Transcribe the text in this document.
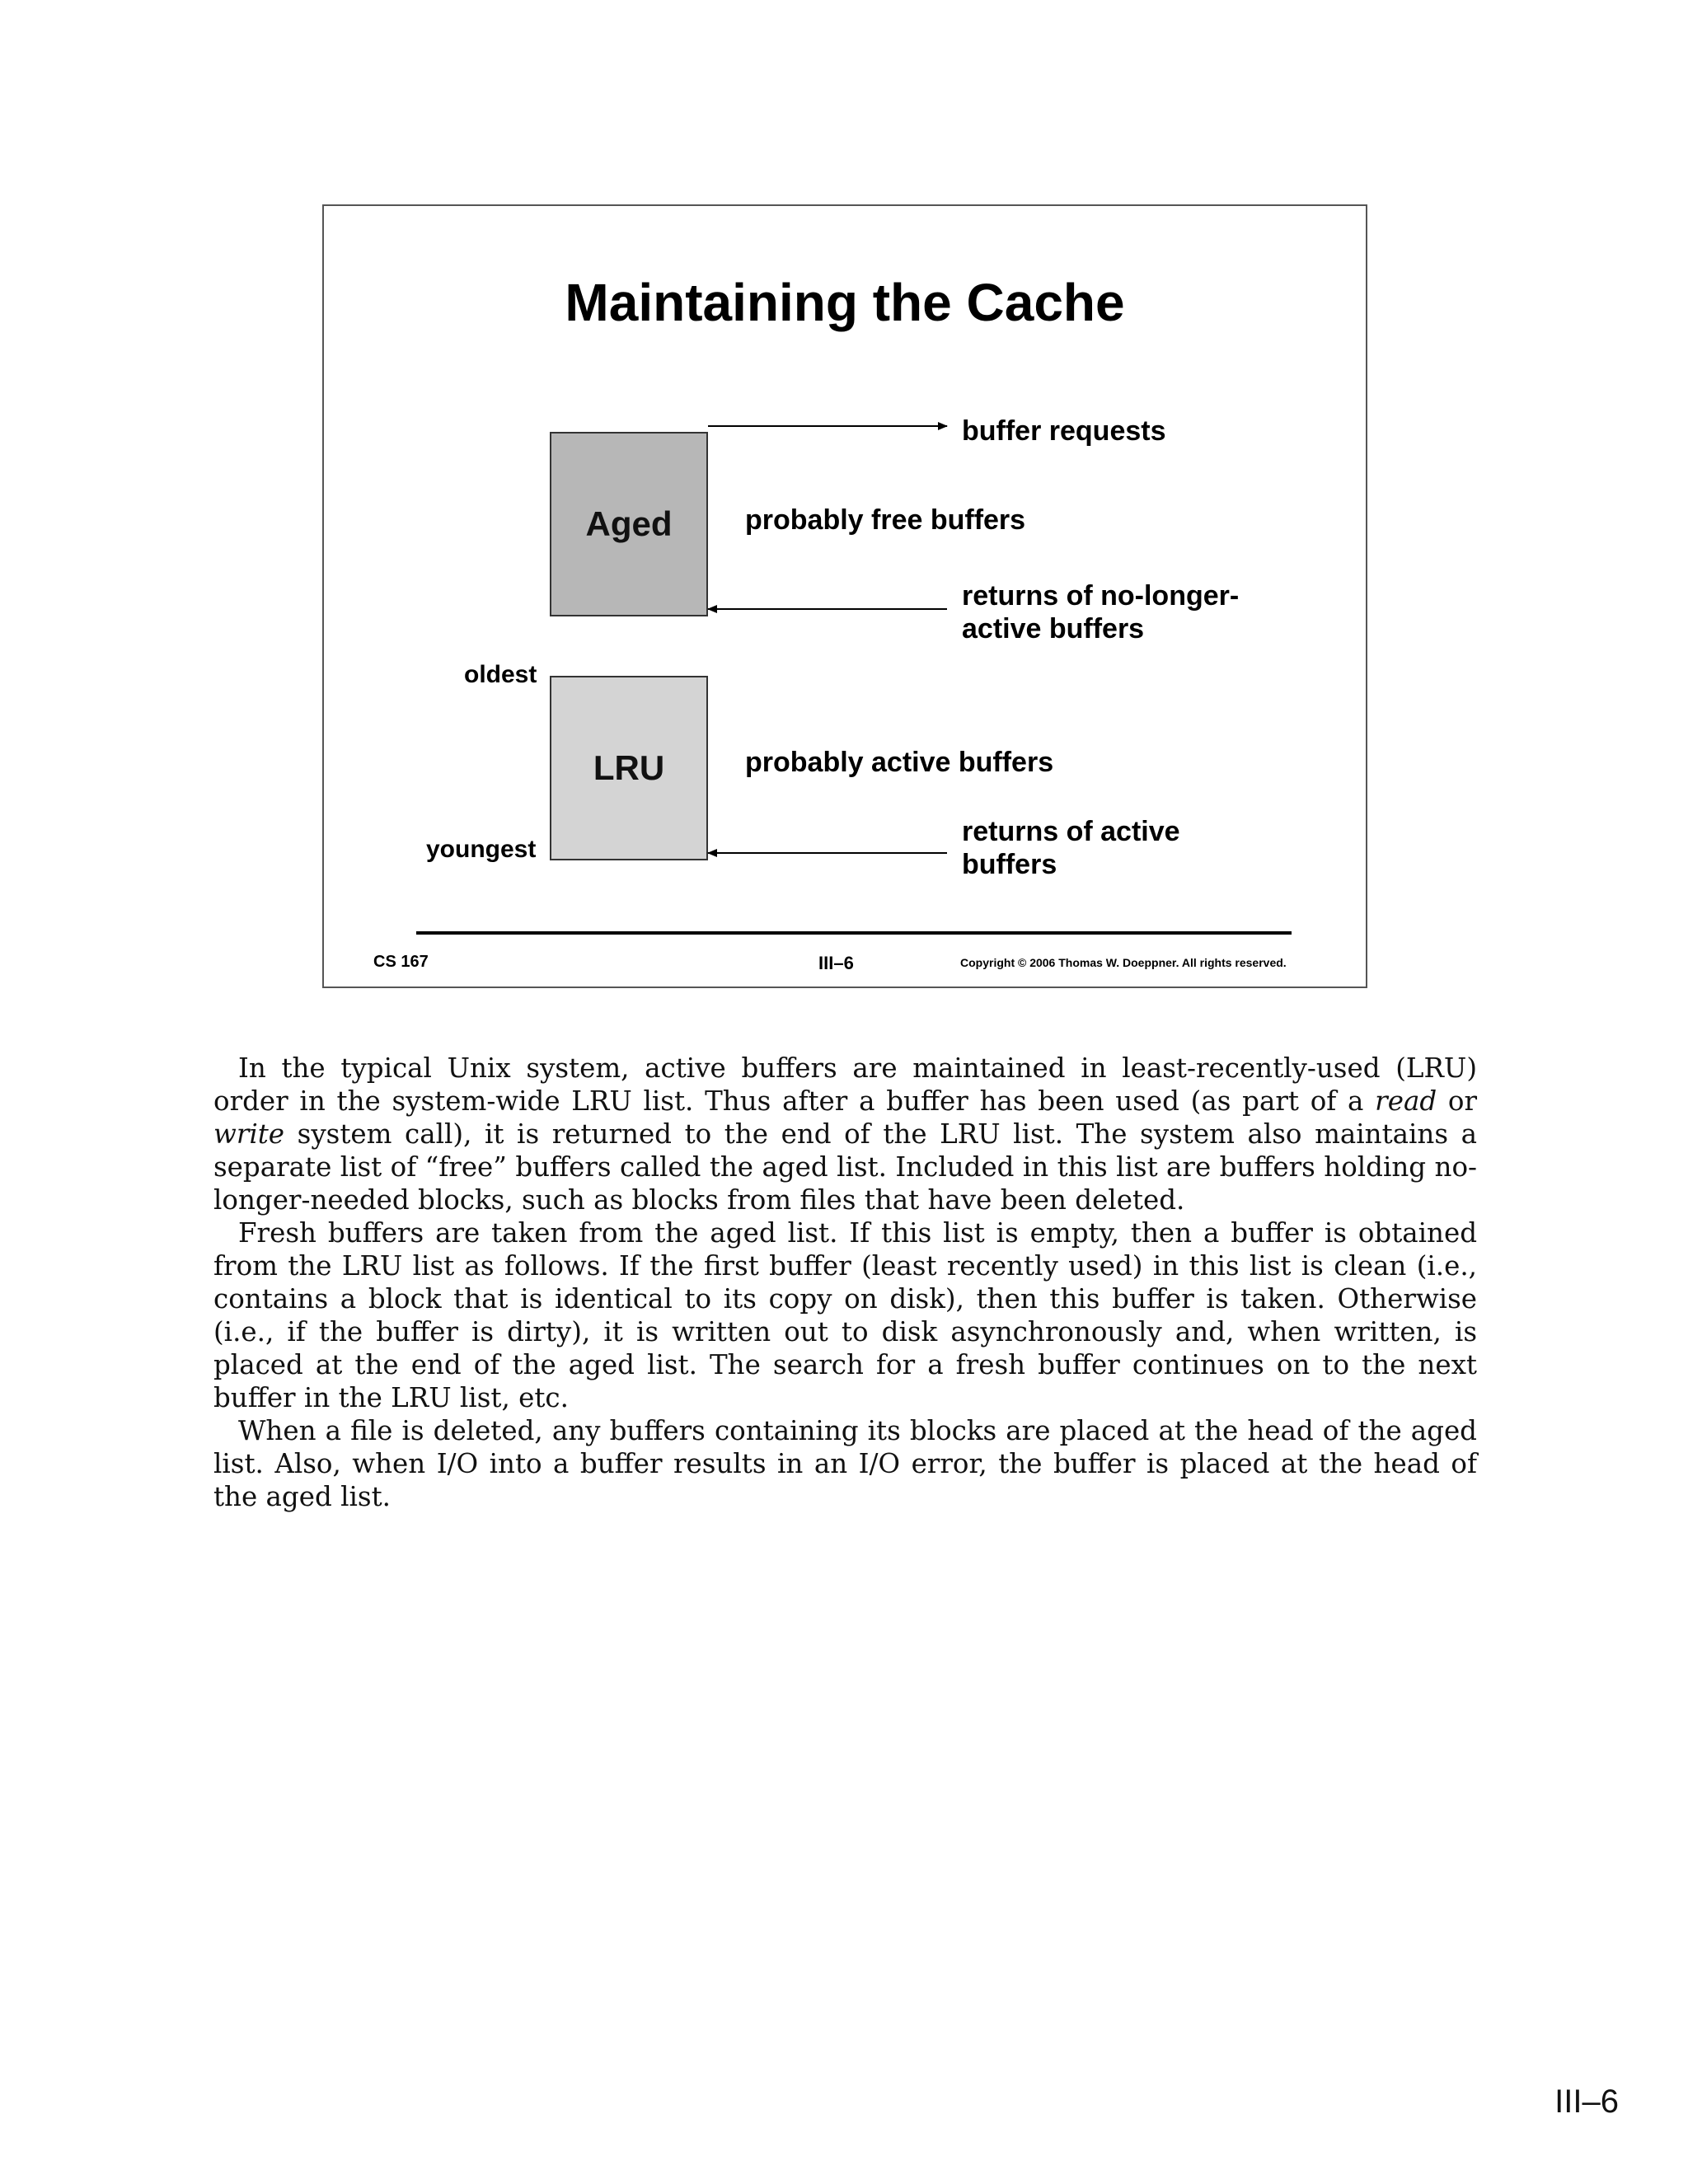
Maintaining the Cache
Aged
LRU
buffer requests
probably free buffers
returns of no-longer-
active buffers
oldest
probably active buffers
returns of active
buffers
youngest
CS 167	III–6	Copyright © 2006 Thomas W. Doeppner. All rights reserved.

In the typical Unix system, active buffers are maintained in least-recently-used (LRU) order in the system-wide LRU list. Thus after a buffer has been used (as part of a read or write system call), it is returned to the end of the LRU list. The system also maintains a separate list of “free” buffers called the aged list. Included in this list are buffers holding no-longer-needed blocks, such as blocks from files that have been deleted.

Fresh buffers are taken from the aged list. If this list is empty, then a buffer is obtained from the LRU list as follows. If the first buffer (least recently used) in this list is clean (i.e., contains a block that is identical to its copy on disk), then this buffer is taken. Otherwise (i.e., if the buffer is dirty), it is written out to disk asynchronously and, when written, is placed at the end of the aged list. The search for a fresh buffer continues on to the next buffer in the LRU list, etc.

When a file is deleted, any buffers containing its blocks are placed at the head of the aged list. Also, when I/O into a buffer results in an I/O error, the buffer is placed at the head of the aged list.

III–6
